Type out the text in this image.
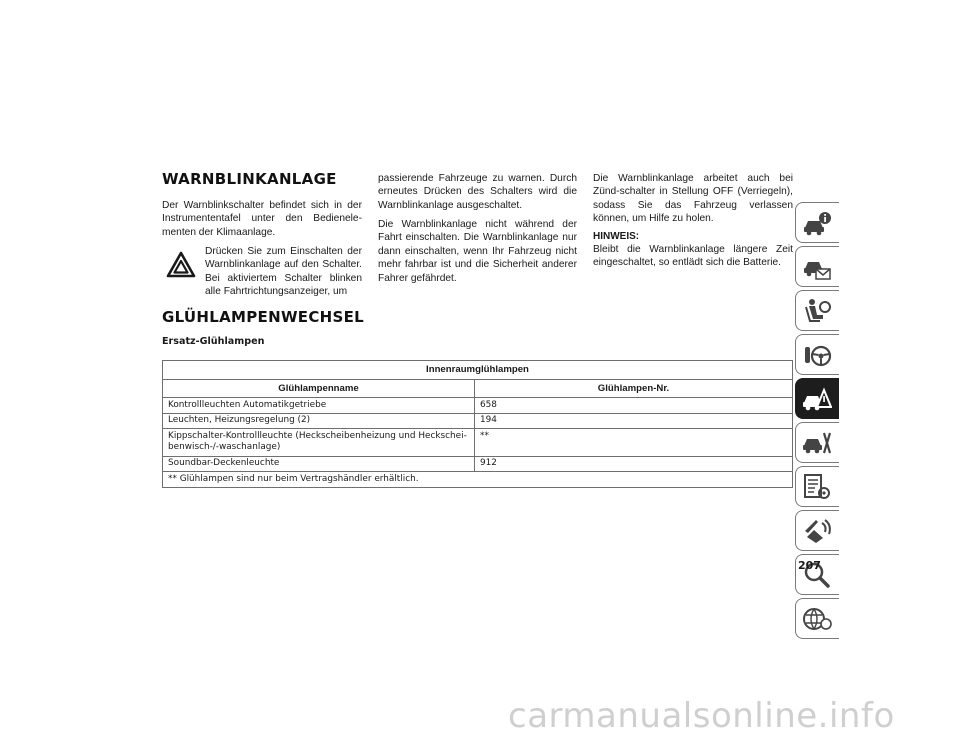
WARNBLINKANLAGE

Der Warnblinkschalter befindet sich in der Instrumententafel unter den Bedienele-menten der Klimaanlage.

Drücken Sie zum Einschalten der Warnblinkanlage auf den Schalter. Bei aktiviertem Schalter blinken alle Fahrtrichtungsanzeiger, um

passierende Fahrzeuge zu warnen. Durch erneutes Drücken des Schalters wird die Warnblinkanlage ausgeschaltet.

Die Warnblinkanlage nicht während der Fahrt einschalten. Die Warnblinkanlage nur dann einschalten, wenn Ihr Fahrzeug nicht mehr fahrbar ist und die Sicherheit anderer Fahrer gefährdet.

Die Warnblinkanlage arbeitet auch bei Zünd-schalter in Stellung OFF (Verriegeln), sodass Sie das Fahrzeug verlassen können, um Hilfe zu holen.

HINWEIS:

Bleibt die Warnblinkanlage längere Zeit eingeschaltet, so entlädt sich die Batterie.

GLÜHLAMPENWECHSEL
Ersatz-Glühlampen
Innenraumglühlampen	
Glühlampenname	Glühlampen-Nr.
Kontrollleuchten Automatikgetriebe	658
Leuchten, Heizungsregelung (2)	194
Kippschalter-Kontrollleuchte (Heckscheibenheizung und Heckschei-benwisch-/-waschanlage)	**
Soundbar-Deckenleuchte	912
** Glühlampen sind nur beim Vertragshändler erhältlich.	
207
carmanualsonline.info
